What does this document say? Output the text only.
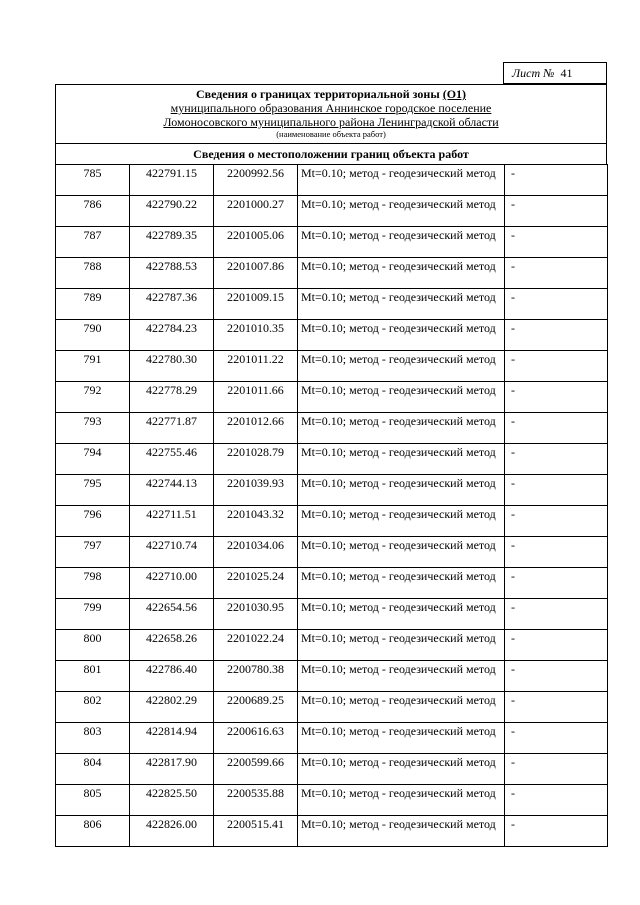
Лист № 41
Сведения о границах территориальной зоны (О1)
муниципального образования Аннинское городское поселение
Ломоносовского муниципального района Ленинградской области
(наименование объекта работ)
Сведения о местоположении границ объекта работ
785	422791.15	2200992.56	Mt=0.10; метод - геодезический метод	-
786	422790.22	2201000.27	Mt=0.10; метод - геодезический метод	-
787	422789.35	2201005.06	Mt=0.10; метод - геодезический метод	-
788	422788.53	2201007.86	Mt=0.10; метод - геодезический метод	-
789	422787.36	2201009.15	Mt=0.10; метод - геодезический метод	-
790	422784.23	2201010.35	Mt=0.10; метод - геодезический метод	-
791	422780.30	2201011.22	Mt=0.10; метод - геодезический метод	-
792	422778.29	2201011.66	Mt=0.10; метод - геодезический метод	-
793	422771.87	2201012.66	Mt=0.10; метод - геодезический метод	-
794	422755.46	2201028.79	Mt=0.10; метод - геодезический метод	-
795	422744.13	2201039.93	Mt=0.10; метод - геодезический метод	-
796	422711.51	2201043.32	Mt=0.10; метод - геодезический метод	-
797	422710.74	2201034.06	Mt=0.10; метод - геодезический метод	-
798	422710.00	2201025.24	Mt=0.10; метод - геодезический метод	-
799	422654.56	2201030.95	Mt=0.10; метод - геодезический метод	-
800	422658.26	2201022.24	Mt=0.10; метод - геодезический метод	-
801	422786.40	2200780.38	Mt=0.10; метод - геодезический метод	-
802	422802.29	2200689.25	Mt=0.10; метод - геодезический метод	-
803	422814.94	2200616.63	Mt=0.10; метод - геодезический метод	-
804	422817.90	2200599.66	Mt=0.10; метод - геодезический метод	-
805	422825.50	2200535.88	Mt=0.10; метод - геодезический метод	-
806	422826.00	2200515.41	Mt=0.10; метод - геодезический метод	-
